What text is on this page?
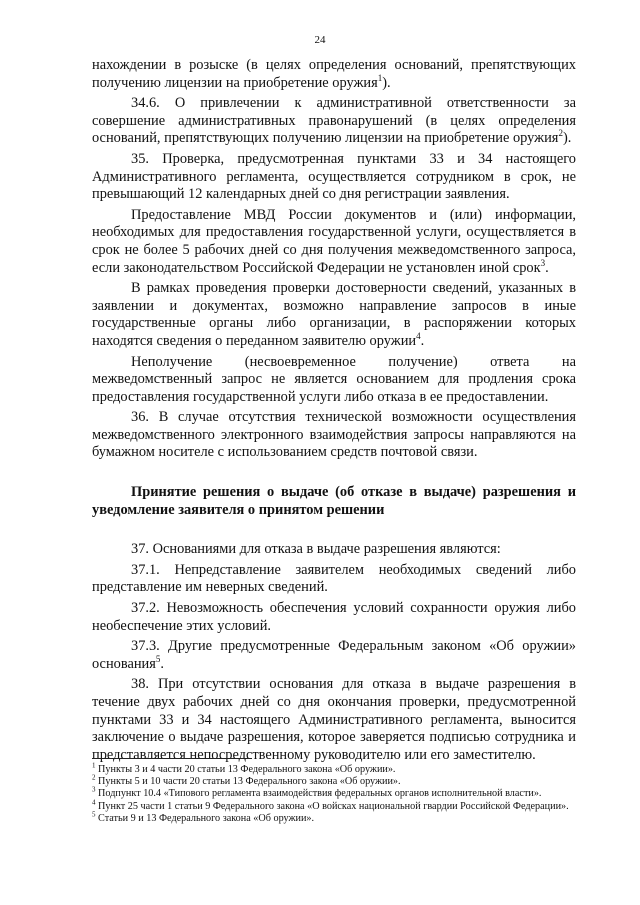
24

нахождении в розыске (в целях определения оснований, препятствующих получению лицензии на приобретение оружия$^1$).

34.6. О привлечении к административной ответственности за совершение административных правонарушений (в целях определения оснований, препятствующих получению лицензии на приобретение оружия$^2$).

35. Проверка, предусмотренная пунктами 33 и 34 настоящего Административного регламента, осуществляется сотрудником в срок, не превышающий 12 календарных дней со дня регистрации заявления.

Предоставление МВД России документов и (или) информации, необходимых для предоставления государственной услуги, осуществляется в срок не более 5 рабочих дней со дня получения межведомственного запроса, если законодательством Российской Федерации не установлен иной срок$^3$.

В рамках проведения проверки достоверности сведений, указанных в заявлении и документах, возможно направление запросов в иные государственные органы либо организации, в распоряжении которых находятся сведения о переданном заявителю оружии$^4$.

Неполучение (несвоевременное получение) ответа на межведомственный запрос не является основанием для продления срока предоставления государственной услуги либо отказа в ее предоставлении.

36. В случае отсутствия технической возможности осуществления межведомственного электронного взаимодействия запросы направляются на бумажном носителе с использованием средств почтовой связи.

Принятие решения о выдаче (об отказе в выдаче) разрешения и уведомление заявителя о принятом решении

37. Основаниями для отказа в выдаче разрешения являются:

37.1. Непредставление заявителем необходимых сведений либо представление им неверных сведений.

37.2. Невозможность обеспечения условий сохранности оружия либо необеспечение этих условий.

37.3. Другие предусмотренные Федеральным законом «Об оружии» основания$^5$.

38. При отсутствии основания для отказа в выдаче разрешения в течение двух рабочих дней со дня окончания проверки, предусмотренной пунктами 33 и 34 настоящего Административного регламента, выносится заключение о выдаче разрешения, которое заверяется подписью сотрудника и представляется непосредственному руководителю или его заместителю.

$^1$ Пункты 3 и 4 части 20 статьи 13 Федерального закона «Об оружии».

$^2$ Пункты 5 и 10 части 20 статьи 13 Федерального закона «Об оружии».

$^3$ Подпункт 10.4 «Типового регламента взаимодействия федеральных органов исполнительной власти».

$^4$ Пункт 25 части 1 статьи 9 Федерального закона «О войсках национальной гвардии Российской Федерации».

$^5$ Статьи 9 и 13 Федерального закона «Об оружии».
